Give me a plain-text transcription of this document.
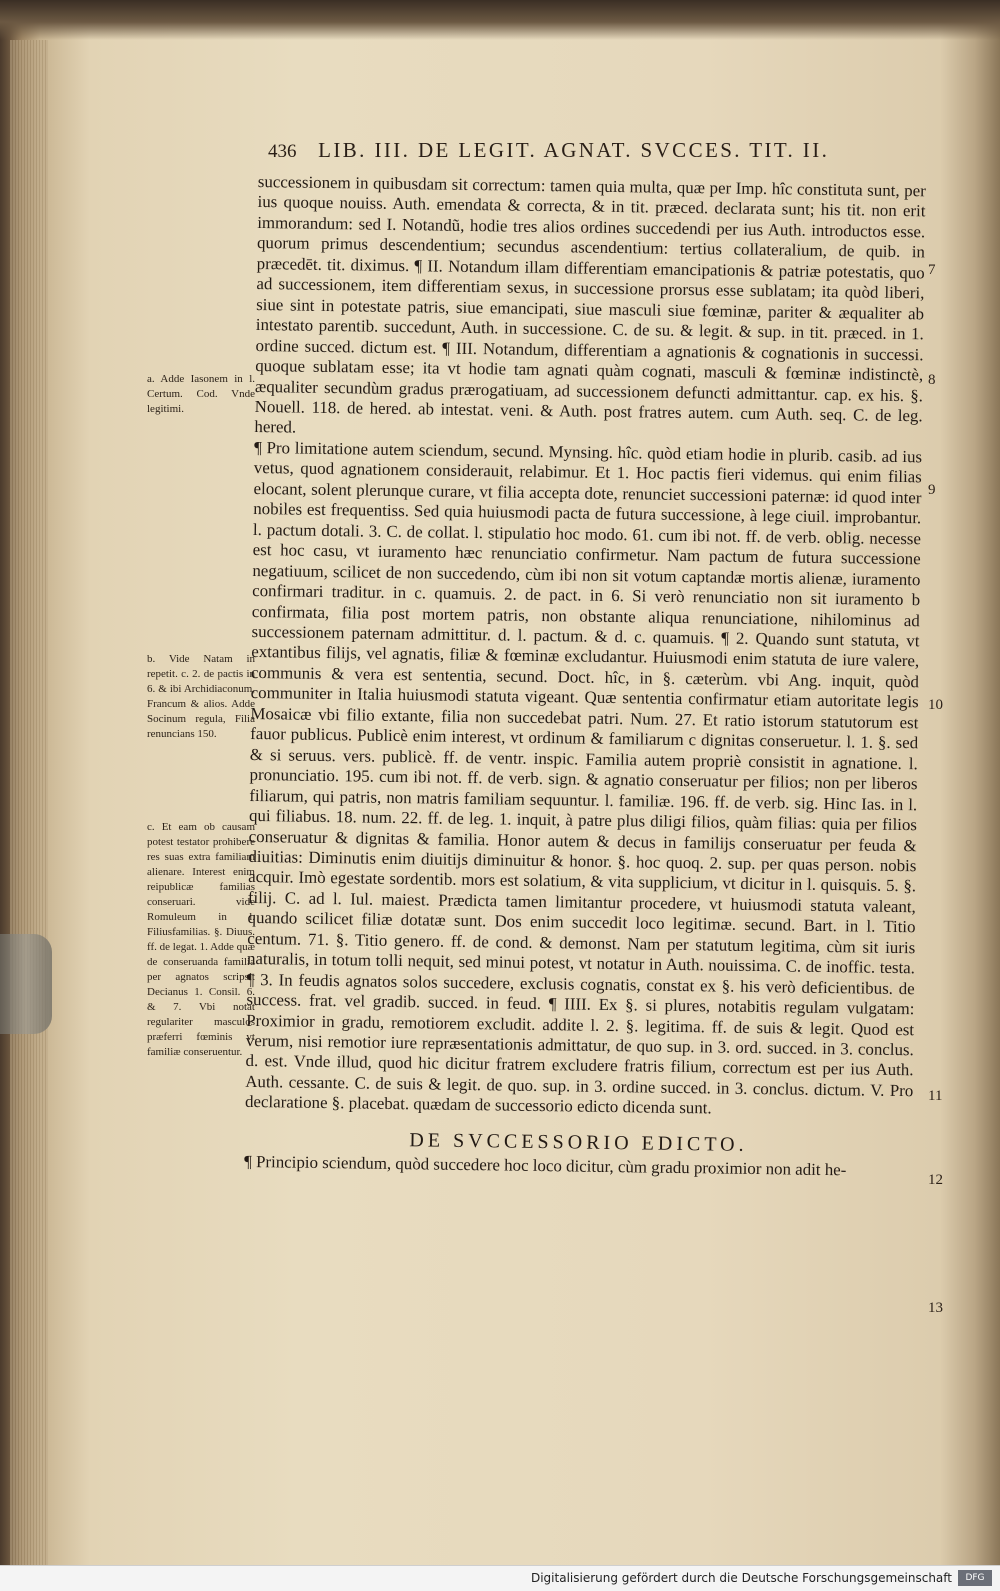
436 LIB. III. DE LEGIT. AGNAT. SVCCES. TIT. II.

successionem in quibusdam sit correctum: tamen quia multa, quæ per Imp. hîc constituta sunt, per ius quoque nouiss. Auth. emendata & correcta, & in tit. præced. declarata sunt; his tit. non erit immorandum: sed I. Notandũ, hodie tres alios ordines succedendi per ius Auth. introductos esse. quorum primus descendentium; secundus ascendentium: tertius collateralium, de quib. in præcedēt. tit. diximus. ¶ II. Notandum illam differentiam emancipationis & patriæ potestatis, quo ad successionem, item differentiam sexus, in successione prorsus esse sublatam; ita quòd liberi, siue sint in potestate patris, siue emancipati, siue masculi siue fœminæ, pariter & æqualiter ab intestato parentib. succedunt, Auth. in successione. C. de su. & legit. & sup. in tit. præced. in 1. ordine succed. dictum est. ¶ III. Notandum, differentiam a agnationis & cognationis in successi. quoque sublatam esse; ita vt hodie tam agnati quàm cognati, masculi & fœminæ indistinctè, æqualiter secundùm gradus prærogatiuam, ad successionem defuncti admittantur. cap. ex his. §. Nouell. 118. de hered. ab intestat. veni. & Auth. post fratres autem. cum Auth. seq. C. de leg. hered.

¶ Pro limitatione autem sciendum, secund. Mynsing. hîc. quòd etiam hodie in plurib. casib. ad ius vetus, quod agnationem considerauit, relabimur. Et 1. Hoc pactis fieri videmus. qui enim filias elocant, solent plerunque curare, vt filia accepta dote, renunciet successioni paternæ: id quod inter nobiles est frequentiss. Sed quia huiusmodi pacta de futura successione, à lege ciuil. improbantur. l. pactum dotali. 3. C. de collat. l. stipulatio hoc modo. 61. cum ibi not. ff. de verb. oblig. necesse est hoc casu, vt iuramento hæc renunciatio confirmetur. Nam pactum de futura successione negatiuum, scilicet de non succedendo, cùm ibi non sit votum captandæ mortis alienæ, iuramento confirmari traditur. in c. quamuis. 2. de pact. in 6. Si verò renunciatio non sit iuramento b confirmata, filia post mortem patris, non obstante aliqua renunciatione, nihilominus ad successionem paternam admittitur. d. l. pactum. & d. c. quamuis. ¶ 2. Quando sunt statuta, vt extantibus filijs, vel agnatis, filiæ & fœminæ excludantur. Huiusmodi enim statuta de iure valere, communis & vera est sententia, secund. Doct. hîc, in §. cæterùm. vbi Ang. inquit, quòd communiter in Italia huiusmodi statuta vigeant. Quæ sententia confirmatur etiam autoritate legis Mosaicæ vbi filio extante, filia non succedebat patri. Num. 27. Et ratio istorum statutorum est fauor publicus. Publicè enim interest, vt ordinum & familiarum c dignitas conseruetur. l. 1. §. sed & si seruus. vers. publicè. ff. de ventr. inspic. Familia autem propriè consistit in agnatione. l. pronunciatio. 195. cum ibi not. ff. de verb. sign. & agnatio conseruatur per filios; non per liberos filiarum, qui patris, non matris familiam sequuntur. l. familiæ. 196. ff. de verb. sig. Hinc Ias. in l. qui filiabus. 18. num. 22. ff. de leg. 1. inquit, à patre plus diligi filios, quàm filias: quia per filios conseruatur & dignitas & familia. Honor autem & decus in familijs conseruatur per feuda & diuitias: Diminutis enim diuitijs diminuitur & honor. §. hoc quoq. 2. sup. per quas person. nobis acquir. Imò egestate sordentib. mors est solatium, & vita supplicium, vt dicitur in l. quisquis. 5. §. filij. C. ad l. Iul. maiest. Prædicta tamen limitantur procedere, vt huiusmodi statuta valeant, quando scilicet filiæ dotatæ sunt. Dos enim succedit loco legitimæ. secund. Bart. in l. Titio centum. 71. §. Titio genero. ff. de cond. & demonst. Nam per statutum legitima, cùm sit iuris naturalis, in totum tolli nequit, sed minui potest, vt notatur in Auth. nouissima. C. de inoffic. testa. ¶ 3. In feudis agnatos solos succedere, exclusis cognatis, constat ex §. his verò deficientibus. de success. frat. vel gradib. succed. in feud. ¶ IIII. Ex §. si plures, notabitis regulam vulgatam: Proximior in gradu, remotiorem excludit. addite l. 2. §. legitima. ff. de suis & legit. Quod est verum, nisi remotior iure repræsentationis admittatur, de quo sup. in 3. ord. succed. in 3. conclus. d. est. Vnde illud, quod hic dicitur fratrem excludere fratris filium, correctum est per ius Auth. Auth. cessante. C. de suis & legit. de quo. sup. in 3. ordine succed. in 3. conclus. dictum. V. Pro declaratione §. placebat. quædam de successorio edicto dicenda sunt.

DE SVCCESSORIO EDICTO.

¶ Principio sciendum, quòd succedere hoc loco dicitur, cùm gradu proximior non adit he-

a. Adde Iasonem in l. Certum. Cod. Vnde legitimi.
b. Vide Natam in repetit. c. 2. de pactis in 6. & ibi Archidiaconum, Francum & alios. Adde Socinum regula, Filia renuncians 150.
c. Et eam ob causam potest testator prohibere res suas extra familiam alienare. Interest enim reipublicæ familias conseruari. vide Romuleum in l. Filiusfamilias. §. Diuus. ff. de legat. 1. Adde quæ de conseruanda familia per agnatos scripsit Decianus 1. Consil. 6. & 7. Vbi notat regulariter masculos præferri fœminis vt familiæ conseruentur.
7
8
9
10
11
12
13
Digitalisierung gefördert durch die Deutsche Forschungsgemeinschaft	DFG
